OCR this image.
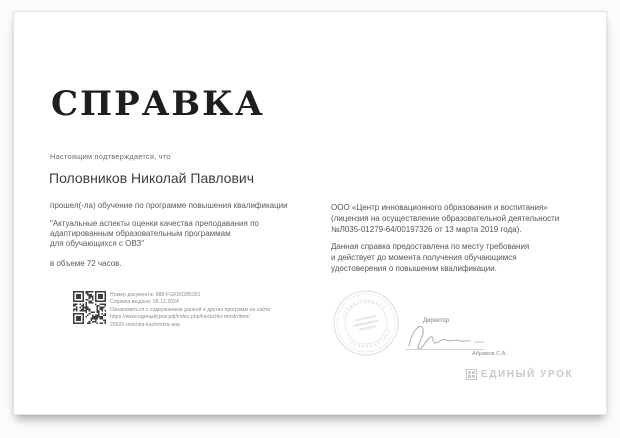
СПРАВКА
Настоящим подтверждается, что
Половников Николай Павлович
прошел(-ла) обучение по программе повышения квалификации
"Актуальные аспекты оценки качества преподавания по
адаптированным образовательным программам
для обучающихся с ОВЗ"
в объеме 72 часов.
ООО «Центр инновационного образования и воспитания»
(лицензия на осуществление образовательной деятельности
№Л035-01279-64/00197326 от 13 марта 2019 года).
Данная справка предоставлена по месту требования
и действует до момента получения обучающимся
удостоверения о повышении квалификации.
Номер документа: 988-FGKD0285301
Справка выдана: 09.12.2024
Ознакомиться с содержанием данной и других программ на сайте:
https://www.единыйурок.рф/index.php/kartochki-reestr/item/
20520-otsenka-kachestva-aop
Директор
Абрамов С.А.
ЕДИНЫЙ УРОК
